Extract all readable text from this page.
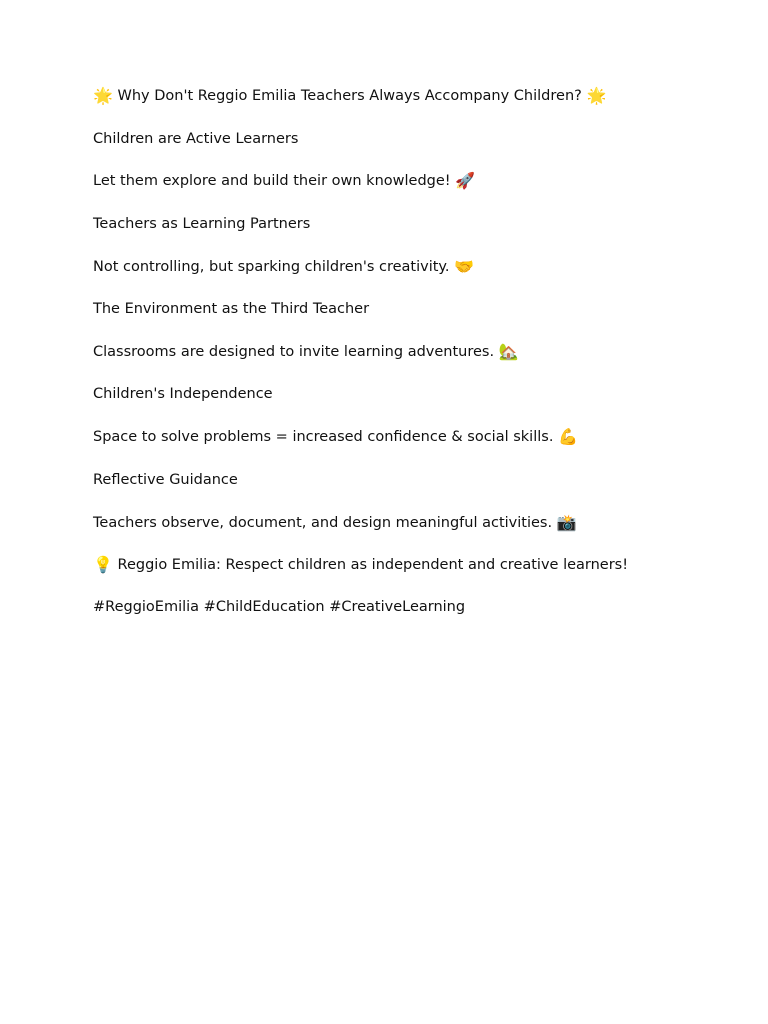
🌟 Why Don't Reggio Emilia Teachers Always Accompany Children? 🌟
Children are Active Learners
Let them explore and build their own knowledge! 🚀
Teachers as Learning Partners
Not controlling, but sparking children's creativity. 🤝
The Environment as the Third Teacher
Classrooms are designed to invite learning adventures. 🏡
Children's Independence
Space to solve problems = increased confidence & social skills. 💪
Reflective Guidance
Teachers observe, document, and design meaningful activities. 📸
💡 Reggio Emilia: Respect children as independent and creative learners!
#ReggioEmilia #ChildEducation #CreativeLearning
